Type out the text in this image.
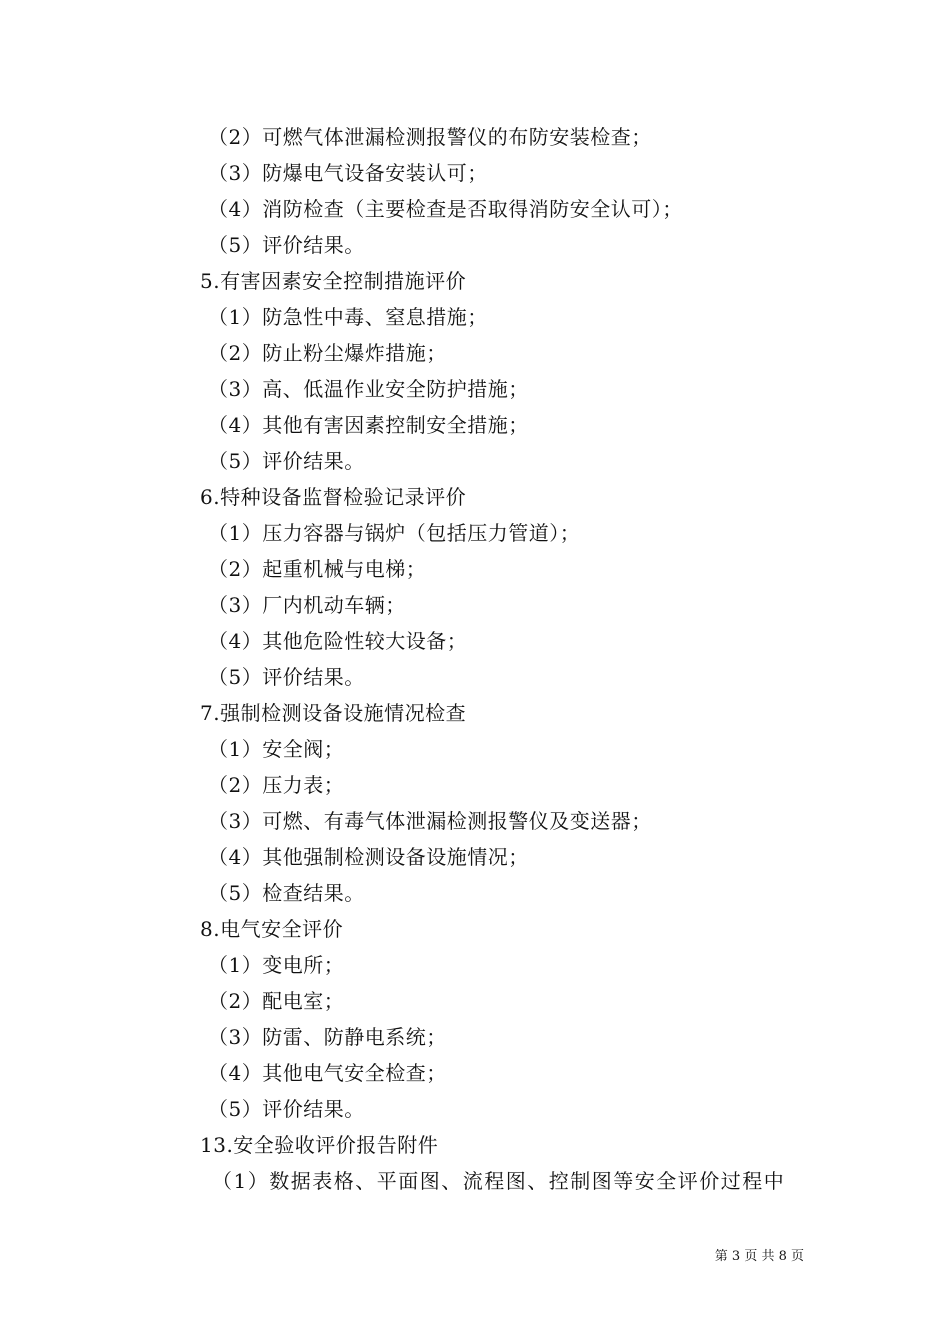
（2）可燃气体泄漏检测报警仪的布防安装检查；
（3）防爆电气设备安装认可；
（4）消防检查（主要检查是否取得消防安全认可）；
（5）评价结果。
5.有害因素安全控制措施评价
（1）防急性中毒、窒息措施；
（2）防止粉尘爆炸措施；
（3）高、低温作业安全防护措施；
（4）其他有害因素控制安全措施；
（5）评价结果。
6.特种设备监督检验记录评价
（1）压力容器与锅炉（包括压力管道）；
（2）起重机械与电梯；
（3）厂内机动车辆；
（4）其他危险性较大设备；
（5）评价结果。
7.强制检测设备设施情况检查
（1）安全阀；
（2）压力表；
（3）可燃、有毒气体泄漏检测报警仪及变送器；
（4）其他强制检测设备设施情况；
（5）检查结果。
8.电气安全评价
（1）变电所；
（2）配电室；
（3）防雷、防静电系统；
（4）其他电气安全检查；
（5）评价结果。
13.安全验收评价报告附件
（1）数据表格、平面图、流程图、控制图等安全评价过程中
第 3 页 共 8 页
